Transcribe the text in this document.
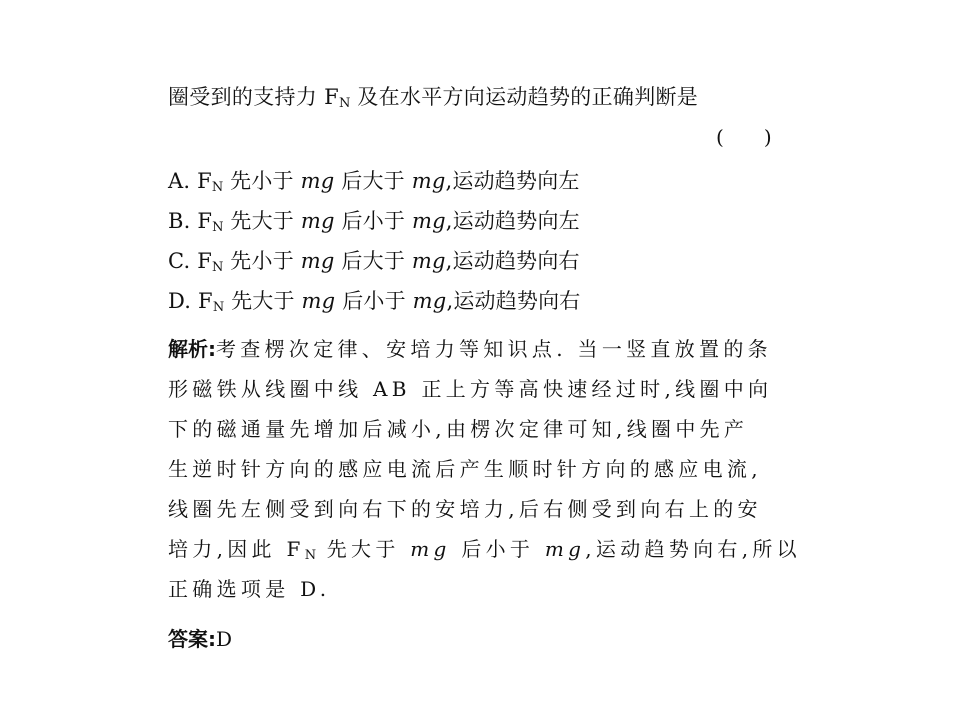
圈受到的支持力 $F_N$ 及在水平方向运动趋势的正确判断是
( )
A. $F_N$ 先小于 mg 后大于 mg,运动趋势向左
B. $F_N$ 先大于 mg 后小于 mg,运动趋势向左
C. $F_N$ 先小于 mg 后大于 mg,运动趋势向右
D. $F_N$ 先大于 mg 后小于 mg,运动趋势向右
解析:考查楞次定律、安培力等知识点. 当一竖直放置的条
形磁铁从线圈中线 AB 正上方等高快速经过时,线圈中向
下的磁通量先增加后减小,由楞次定律可知,线圈中先产
生逆时针方向的感应电流后产生顺时针方向的感应电流,
线圈先左侧受到向右下的安培力,后右侧受到向右上的安
培力,因此 $F_N$ 先大于 mg 后小于 mg,运动趋势向右,所以
正确选项是 D.
答案:D
